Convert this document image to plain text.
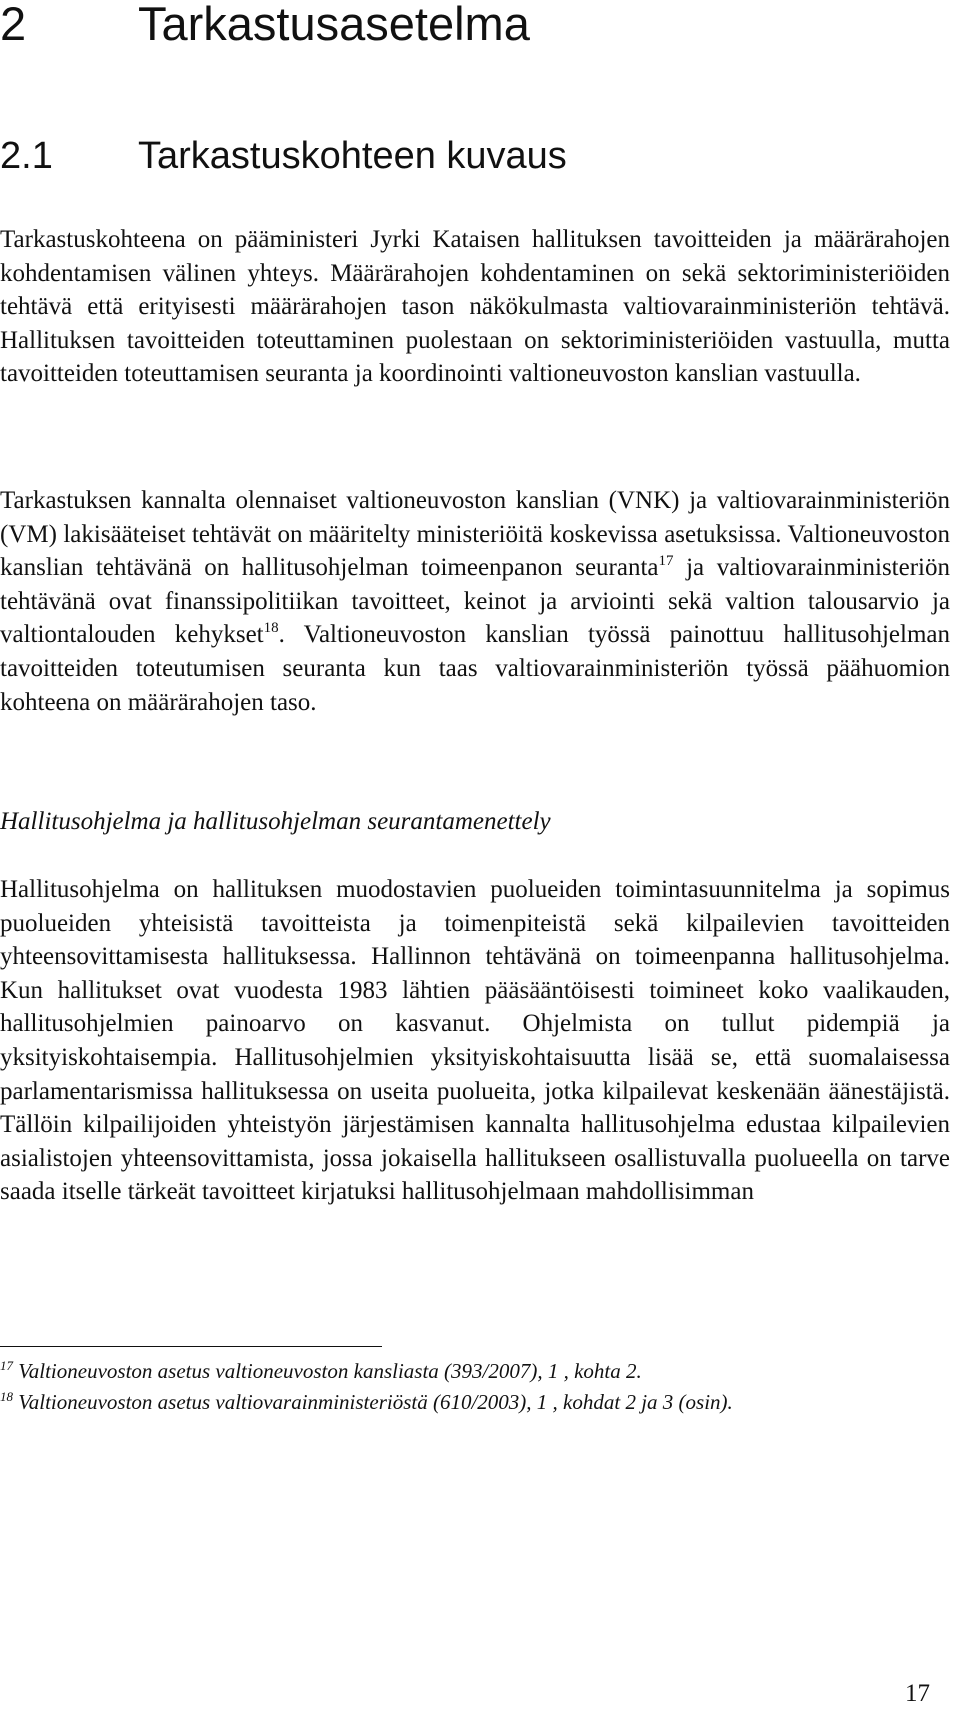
2 Tarkastusasetelma
2.1 Tarkastuskohteen kuvaus

Tarkastuskohteena on pääministeri Jyrki Kataisen hallituksen tavoitteiden ja määrärahojen kohdentamisen välinen yhteys. Määrärahojen kohdentaminen on sekä sektoriministeriöiden tehtävä että erityisesti määrärahojen tason näkökulmasta valtiovarainministeriön tehtävä. Hallituksen tavoitteiden toteuttaminen puolestaan on sektoriministeriöiden vastuulla, mutta tavoitteiden toteuttamisen seuranta ja koordinointi valtioneuvoston kanslian vastuulla.

Tarkastuksen kannalta olennaiset valtioneuvoston kanslian (VNK) ja valtiovarainministeriön (VM) lakisääteiset tehtävät on määritelty ministeriöitä koskevissa asetuksissa. Valtioneuvoston kanslian tehtävänä on hallitusohjelman toimeenpanon seuranta$^{17}$ ja valtiovarainministeriön tehtävänä ovat finanssipolitiikan tavoitteet, keinot ja arviointi sekä valtion talousarvio ja valtiontalouden kehykset$^{18}$. Valtioneuvoston kanslian työssä painottuu hallitusohjelman tavoitteiden toteutumisen seuranta kun taas valtiovarainministeriön työssä päähuomion kohteena on määrärahojen taso.

Hallitusohjelma ja hallitusohjelman seurantamenettely

Hallitusohjelma on hallituksen muodostavien puolueiden toimintasuunnitelma ja sopimus puolueiden yhteisistä tavoitteista ja toimenpiteistä sekä kilpailevien tavoitteiden yhteensovittamisesta hallituksessa. Hallinnon tehtävänä on toimeenpanna hallitusohjelma. Kun hallitukset ovat vuodesta 1983 lähtien pääsääntöisesti toimineet koko vaalikauden, hallitusohjelmien painoarvo on kasvanut. Ohjelmista on tullut pidempiä ja yksityiskohtaisempia. Hallitusohjelmien yksityiskohtaisuutta lisää se, että suomalaisessa parlamentarismissa hallituksessa on useita puolueita, jotka kilpailevat keskenään äänestäjistä. Tällöin kilpailijoiden yhteistyön järjestämisen kannalta hallitusohjelma edustaa kilpailevien asialistojen yhteensovittamista, jossa jokaisella hallitukseen osallistuvalla puolueella on tarve saada itselle tärkeät tavoitteet kirjatuksi hallitusohjelmaan mahdollisimman

$^{17}$ Valtioneuvoston asetus valtioneuvoston kansliasta (393/2007), 1 , kohta 2.

$^{18}$ Valtioneuvoston asetus valtiovarainministeriöstä (610/2003), 1 , kohdat 2 ja 3 (osin).

17
